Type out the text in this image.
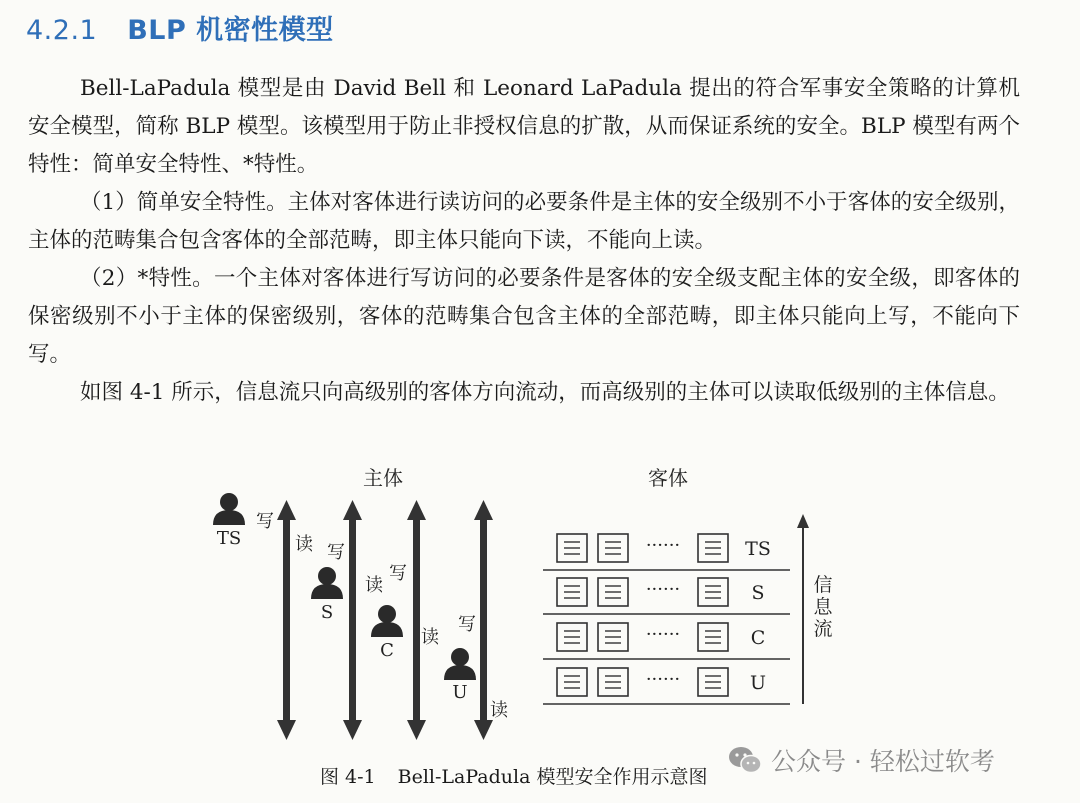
4.2.1 BLP 机密性模型
Bell-LaPadula 模型是由 David Bell 和 Leonard LaPadula 提出的符合军事安全策略的计算机安全模型，简称 BLP 模型。该模型用于防止非授权信息的扩散，从而保证系统的安全。BLP 模型有两个特性：简单安全特性、*特性。
（1）简单安全特性。主体对客体进行读访问的必要条件是主体的安全级别不小于客体的安全级别，主体的范畴集合包含客体的全部范畴，即主体只能向下读，不能向上读。
（2）*特性。一个主体对客体进行写访问的必要条件是客体的安全级支配主体的安全级，即客体的保密级别不小于主体的保密级别，客体的范畴集合包含主体的全部范畴，即主体只能向上写，不能向下写。
如图 4-1 所示，信息流只向高级别的客体方向流动，而高级别的主体可以读取低级别的主体信息。
主体	客体
TS
S
C
U
写
读 写
读
写
读
写
读
······	TS
······	S
······	C
······	U
信
息
流
图 4-1 Bell-LaPadula 模型安全作用示意图
公众号 · 轻松过软考
